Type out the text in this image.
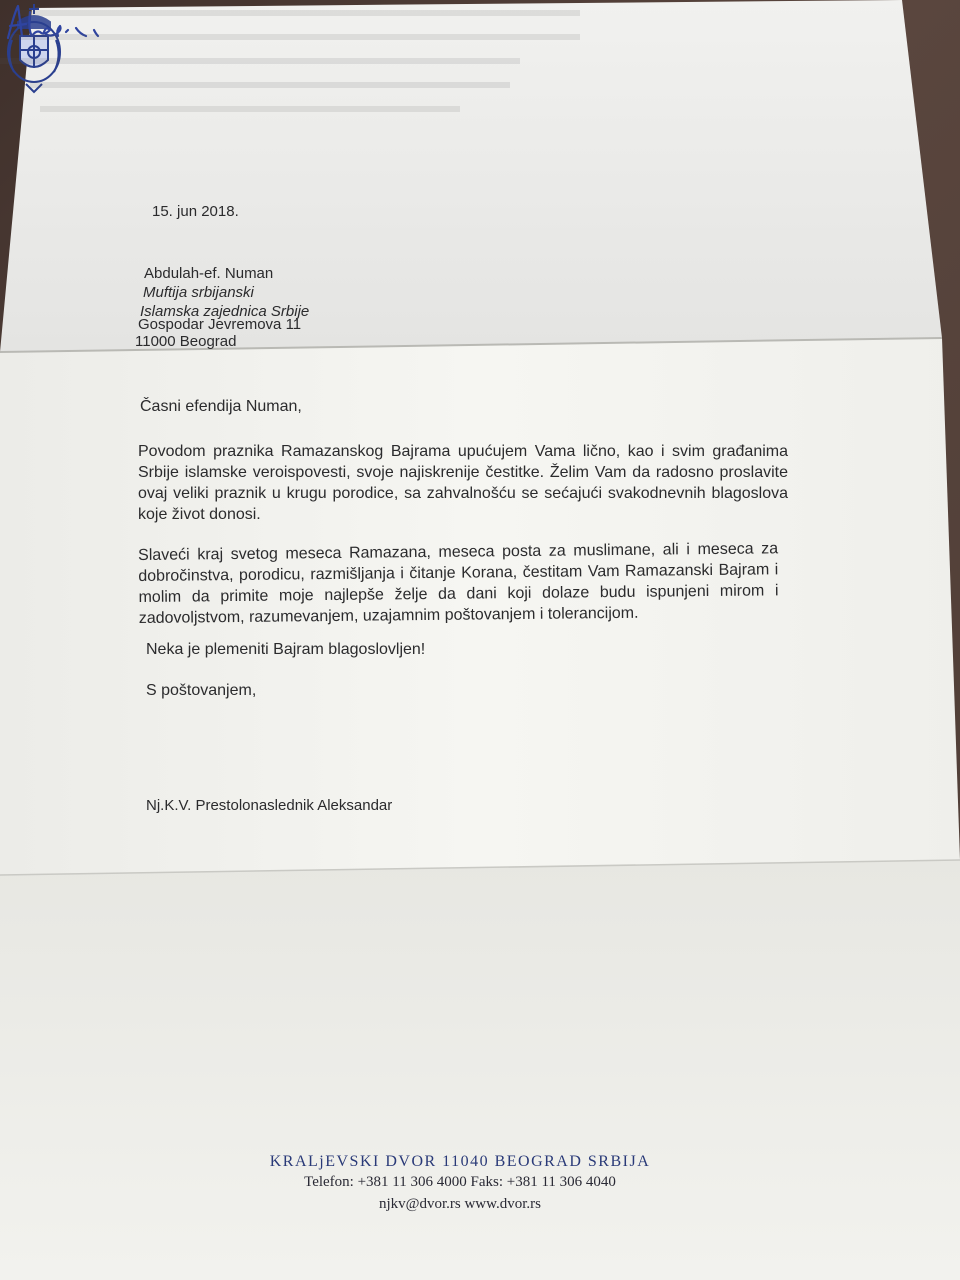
15. jun 2018.
Abdulah-ef. Numan
Muftija srbijanski
Islamska zajednica Srbije
Gospodar Jevremova 11
11000 Beograd
Časni efendija Numan,
Povodom praznika Ramazanskog Bajrama upućujem Vama lično, kao i svim građanima Srbije islamske veroispovesti, svoje najiskrenije čestitke. Želim Vam da radosno proslavite ovaj veliki praznik u krugu porodice, sa zahvalnošću se sećajući svakodnevnih blagoslova koje život donosi.
Slaveći kraj svetog meseca Ramazana, meseca posta za muslimane, ali i meseca za dobročinstva, porodicu, razmišljanja i čitanje Korana, čestitam Vam Ramazanski Bajram i molim da primite moje najlepše želje da dani koji dolaze budu ispunjeni mirom i zadovoljstvom, razumevanjem, uzajamnim poštovanjem i tolerancijom.
Neka je plemeniti Bajram blagoslovljen!
S poštovanjem,
Nj.K.V. Prestolonaslednik Aleksandar
KRALjEVSKI DVOR 11040 BEOGRAD SRBIJA
Telefon: +381 11 306 4000 Faks: +381 11 306 4040
njkv@dvor.rs www.dvor.rs
